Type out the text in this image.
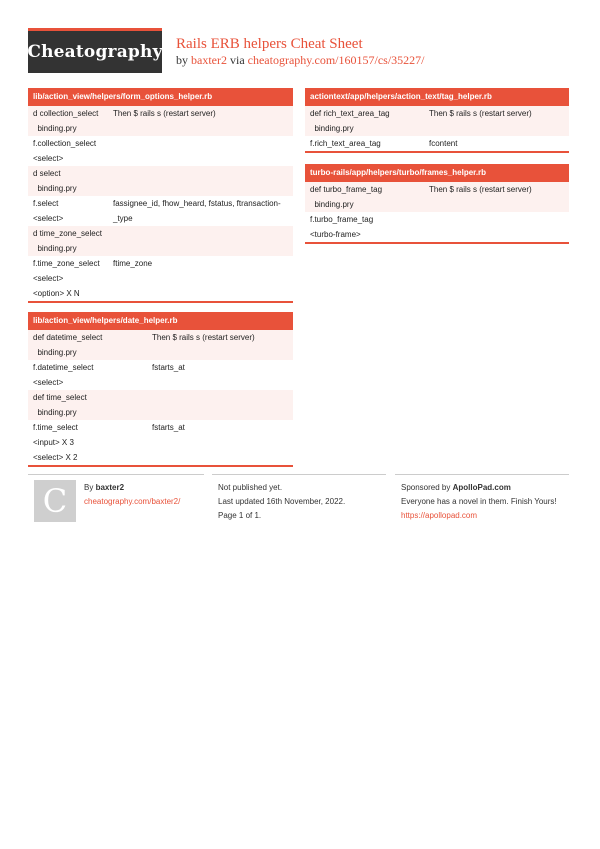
Cheatography Rails ERB helpers Cheat Sheet
by baxter2 via cheatography.com/160157/cs/35227/
lib/action_view/helpers/form_options_helper.rb
d collection_select
binding.pry
Then $ rails s (restart server)
f.collection_select
<select>
d select
binding.pry
f.select
<select>
fassignee_id, fhow_heard, fstatus, ftransaction-_type
d time_zone_select
binding.pry
f.time_zone_select
<select>
<option> X N
ftime_zone
lib/action_view/helpers/date_helper.rb
def datetime_select
binding.pry
Then $ rails s (restart server)
f.datetime_select
<select>
fstarts_at
def time_select
binding.pry
f.time_select
<input> X 3
<select> X 2
fstarts_at
actiontext/app/helpers/action_text/tag_helper.rb
def rich_text_area_tag
binding.pry
Then $ rails s (restart server)
f.rich_text_area_tag	fcontent
turbo-rails/app/helpers/turbo/frames_helper.rb
def turbo_frame_tag
binding.pry
Then $ rails s (restart server)
f.turbo_frame_tag
<turbo-frame>
C	By baxter2
cheatography.com/baxter2/
Not published yet.
Last updated 16th November, 2022.
Page 1 of 1.
Sponsored by ApolloPad.com
Everyone has a novel in them. Finish Yours!
https://apollopad.com
